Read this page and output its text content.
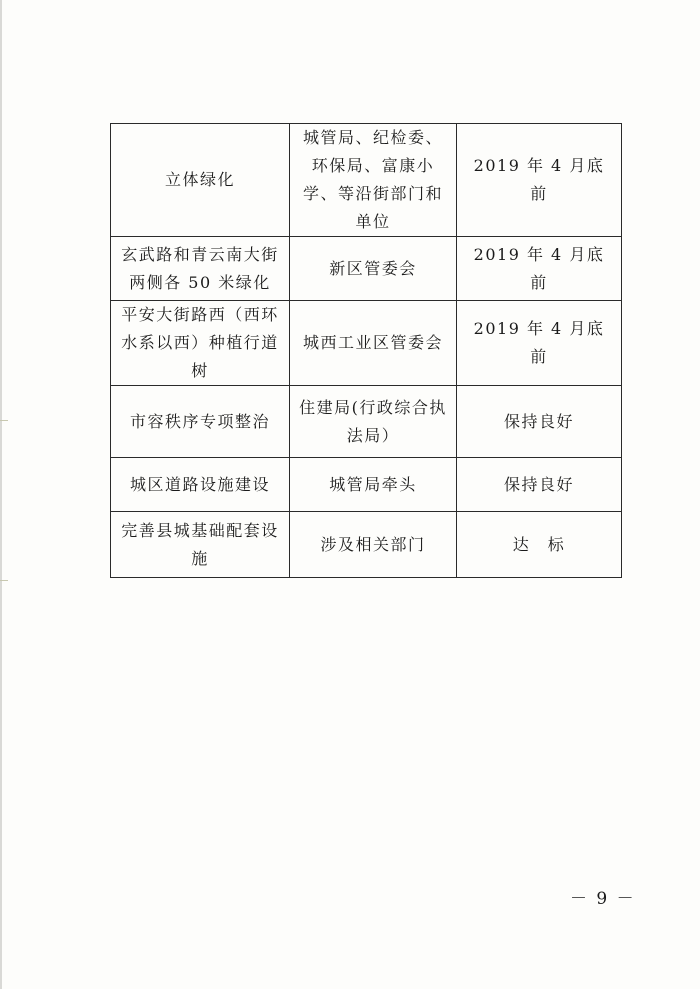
立体绿化	城管局、纪检委、环保局、富康小学、等沿街部门和单位	2019 年 4 月底前
玄武路和青云南大街两侧各 50 米绿化	新区管委会	2019 年 4 月底前
平安大街路西（西环水系以西）种植行道树	城西工业区管委会	2019 年 4 月底前
市容秩序专项整治	住建局(行政综合执法局）	保持良好
城区道路设施建设	城管局牵头	保持良好
完善县城基础配套设施	涉及相关部门	达　标
－ 9 －
